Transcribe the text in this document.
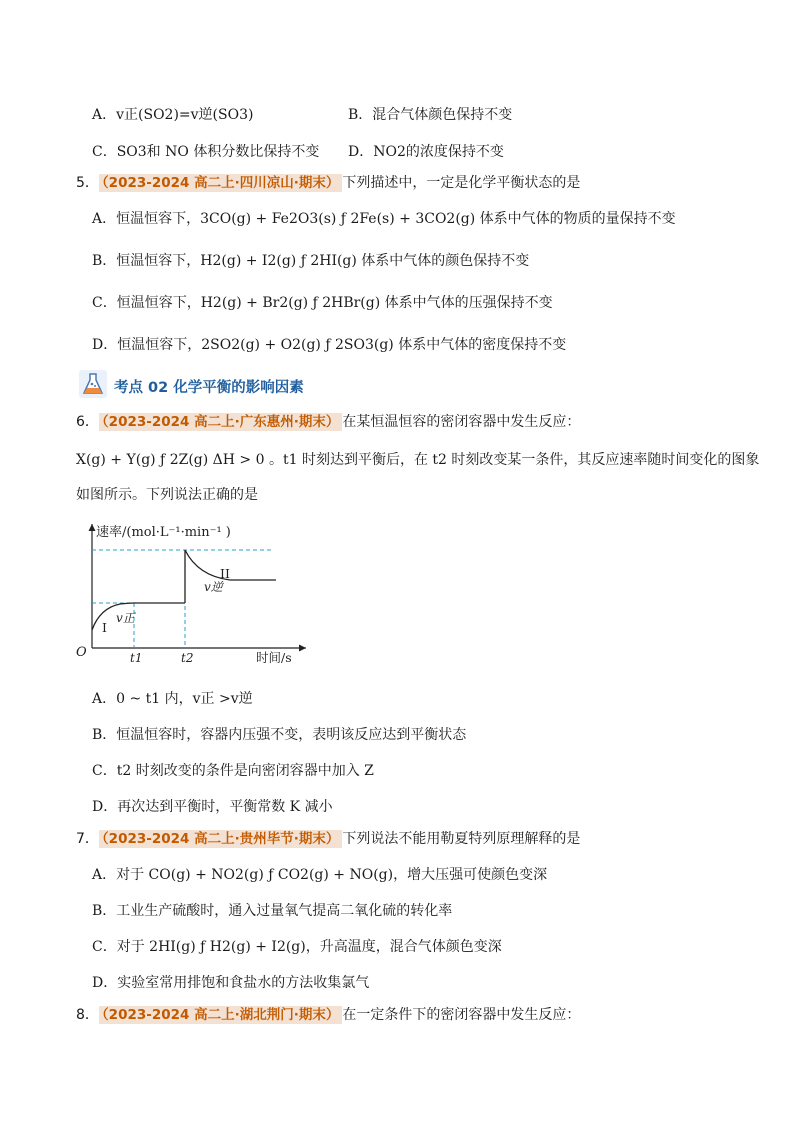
A．v正(SO2)=v逆(SO3)	B．混合气体颜色保持不变
C．SO3和 NO 体积分数比保持不变 D．NO2的浓度保持不变
5． （2023-2024 高二上·四川凉山·期末） 下列描述中，一定是化学平衡状态的是
A．恒温恒容下，3CO(g) + Fe2O3(s) ƒ 2Fe(s) + 3CO2(g) 体系中气体的物质的量保持不变
B．恒温恒容下，H2(g) + I2(g) ƒ 2HI(g) 体系中气体的颜色保持不变
C．恒温恒容下，H2(g) + Br2(g) ƒ 2HBr(g) 体系中气体的压强保持不变
D．恒温恒容下，2SO2(g) + O2(g) ƒ 2SO3(g) 体系中气体的密度保持不变
考点 02 化学平衡的影响因素
6． （2023-2024 高二上·广东惠州·期末） 在某恒温恒容的密闭容器中发生反应：
X(g) + Y(g) ƒ 2Z(g) ΔH > 0 。t1 时刻达到平衡后，在 t2 时刻改变某一条件，其反应速率随时间变化的图象
如图所示。下列说法正确的是
速率/(mol·L⁻¹·min⁻¹ )
时间/s
O	t1	t2
I
II
v正
v逆
A．0 ~ t1 内，v正 >v逆
B．恒温恒容时，容器内压强不变，表明该反应达到平衡状态
C．t2 时刻改变的条件是向密闭容器中加入 Z
D．再次达到平衡时，平衡常数 K 减小
7． （2023-2024 高二上·贵州毕节·期末） 下列说法不能用勒夏特列原理解释的是
A．对于 CO(g) + NO2(g) ƒ CO2(g) + NO(g)，增大压强可使颜色变深
B．工业生产硫酸时，通入过量氧气提高二氧化硫的转化率
C．对于 2HI(g) ƒ H2(g) + I2(g)，升高温度，混合气体颜色变深
D．实验室常用排饱和食盐水的方法收集氯气
8． （2023-2024 高二上·湖北荆门·期末） 在一定条件下的密闭容器中发生反应：
